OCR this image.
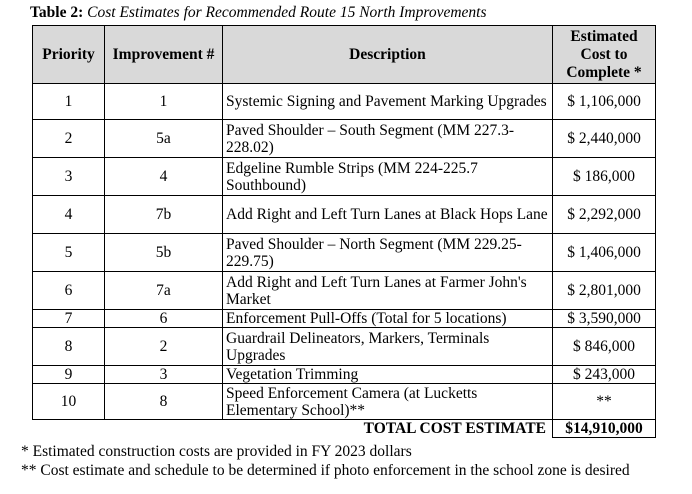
Table 2: Cost Estimates for Recommended Route 15 North Improvements
Priority	Improvement #	Description	Estimated Cost to Complete *
1	1	Systemic Signing and Pavement Marking Upgrades	$ 1,106,000
2	5a	Paved Shoulder – South Segment (MM 227.3-228.02)	$ 2,440,000
3	4	Edgeline Rumble Strips (MM 224-225.7 Southbound)	$ 186,000
4	7b	Add Right and Left Turn Lanes at Black Hops Lane	$ 2,292,000
5	5b	Paved Shoulder – North Segment (MM 229.25-229.75)	$ 1,406,000
6	7a	Add Right and Left Turn Lanes at Farmer John's Market	$ 2,801,000
7	6	Enforcement Pull-Offs (Total for 5 locations)	$ 3,590,000
8	2	Guardrail Delineators, Markers, Terminals Upgrades	$ 846,000
9	3	Vegetation Trimming	$ 243,000
10	8	Speed Enforcement Camera (at Lucketts Elementary School)**	**
		TOTAL COST ESTIMATE	$14,910,000
* Estimated construction costs are provided in FY 2023 dollars
** Cost estimate and schedule to be determined if photo enforcement in the school zone is desired
